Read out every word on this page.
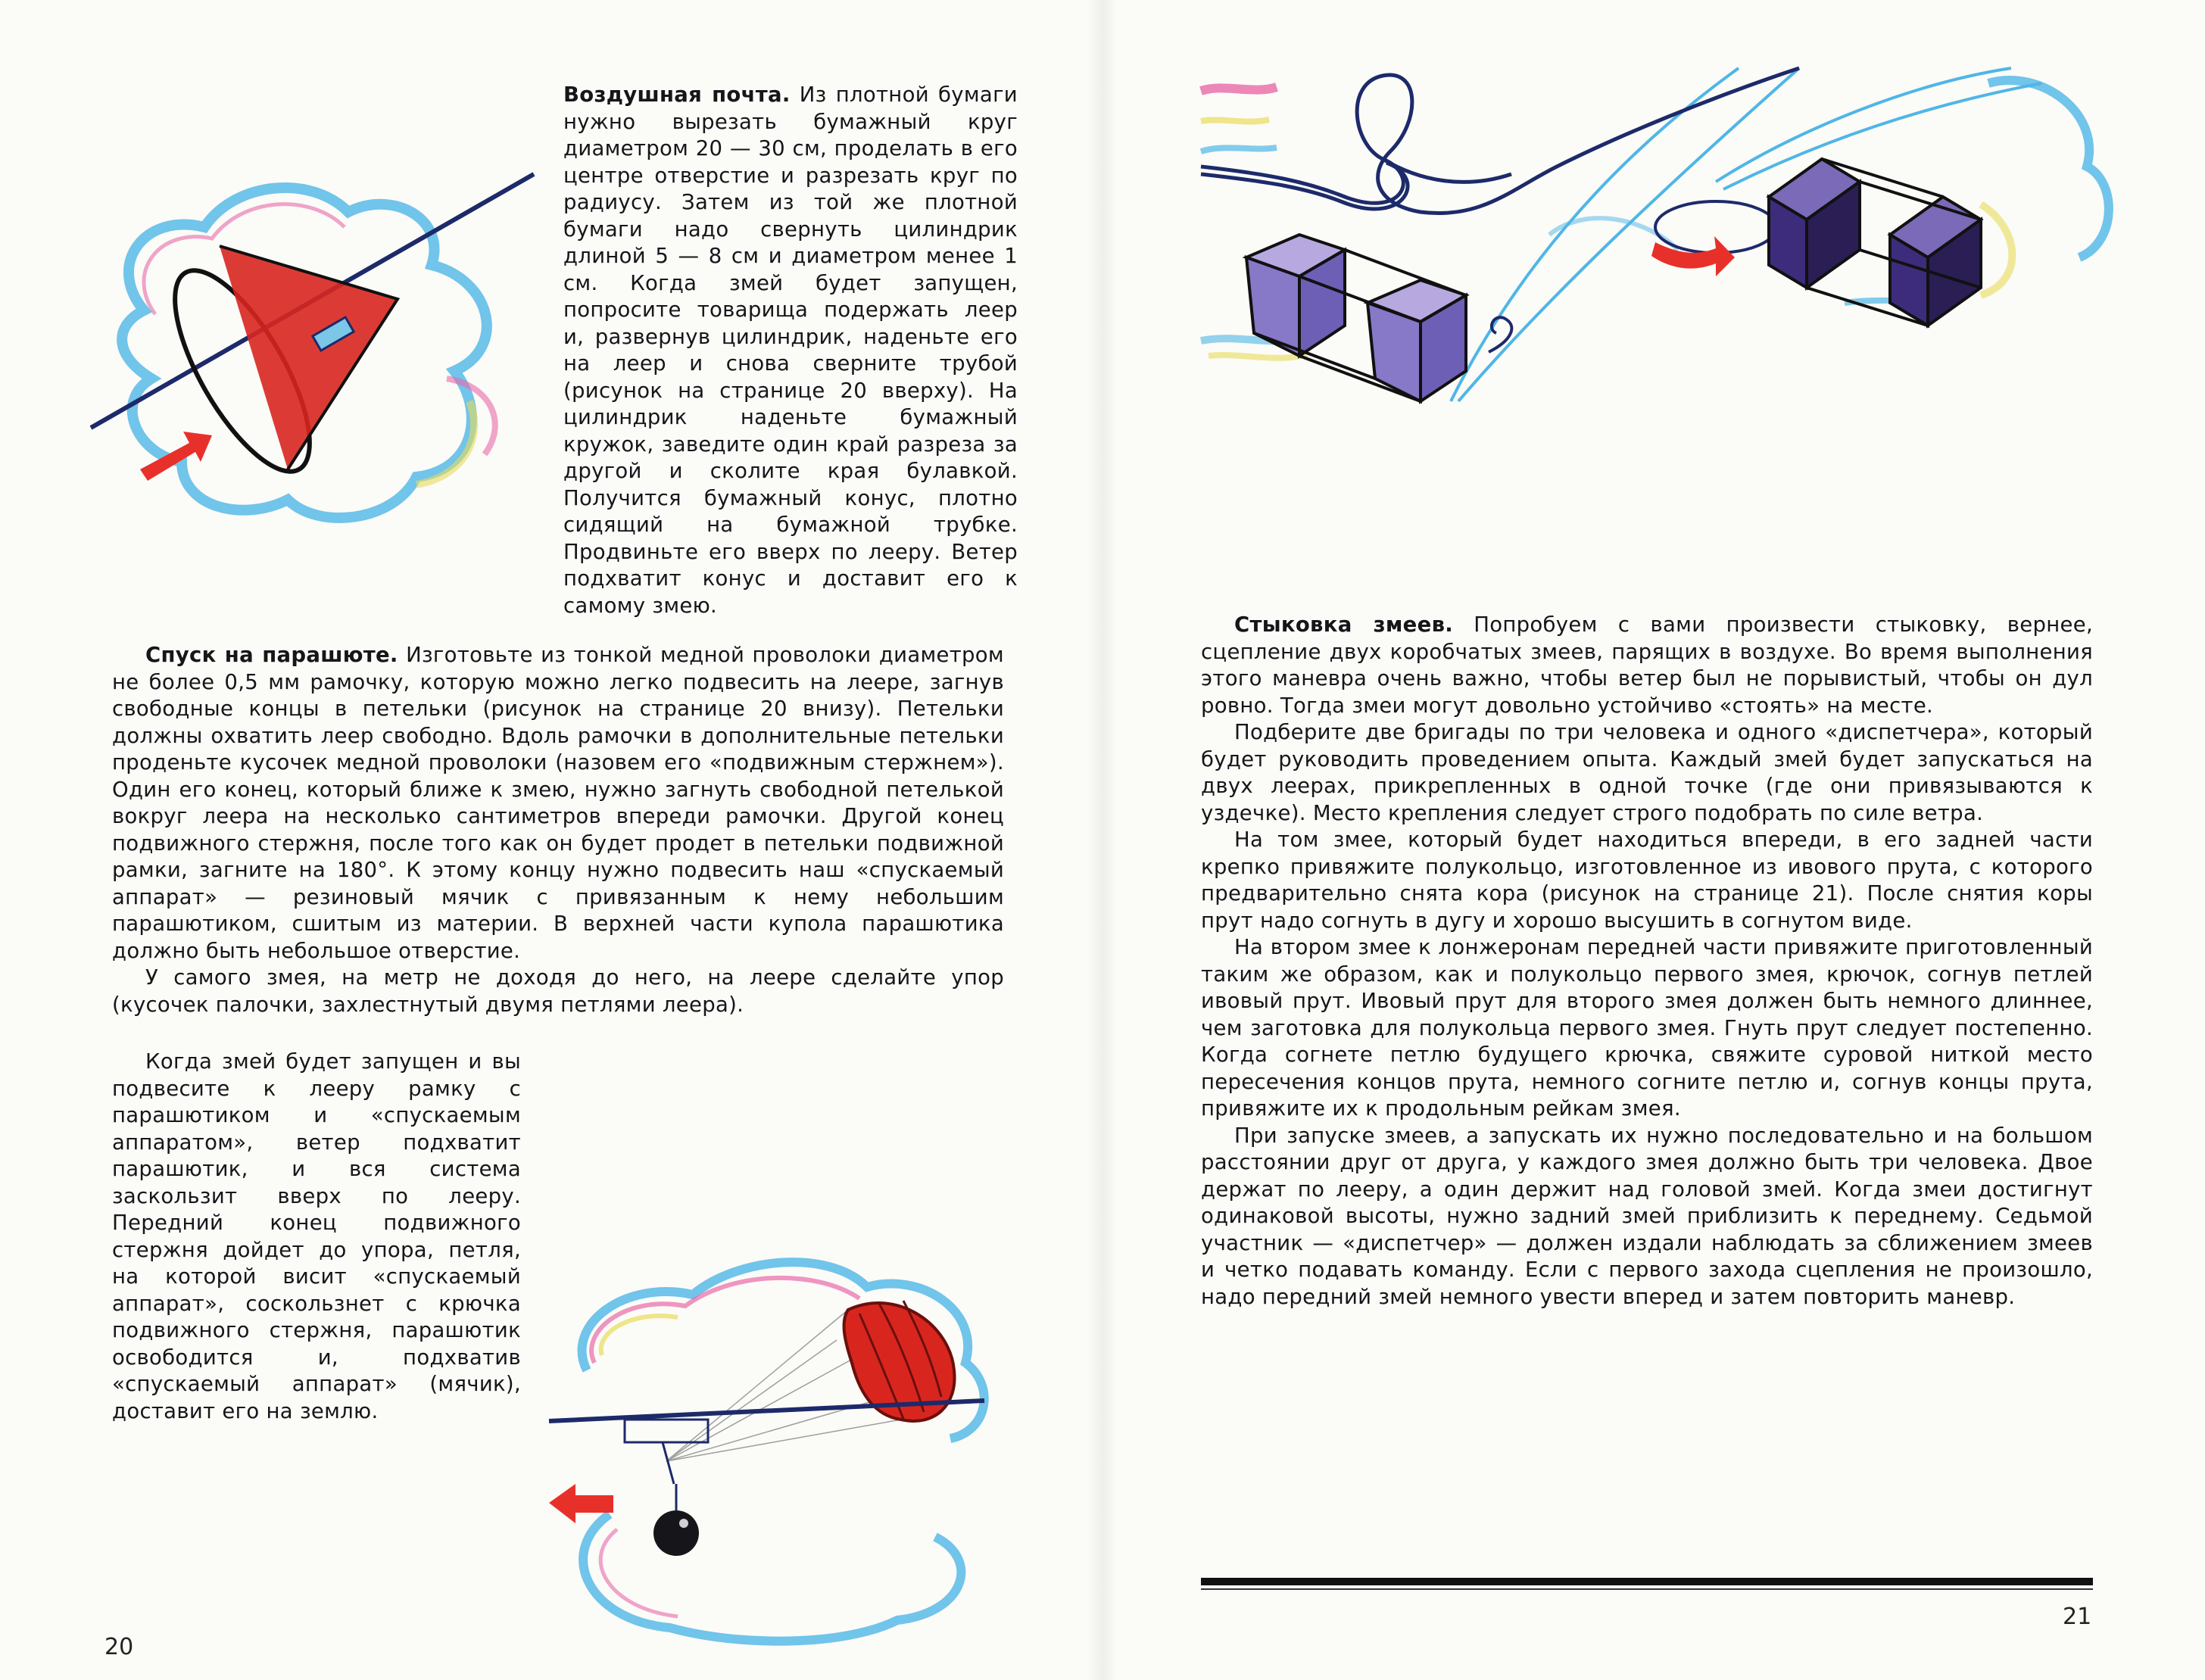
Воздушная почта. Из плотной бумаги нужно вырезать бумажный круг диаметром 20 — 30 см, проделать в его центре отверстие и разрезать круг по радиусу. Затем из той же плотной бумаги надо свернуть цилиндрик длиной 5 — 8 см и диаметром менее 1 см. Когда змей будет запущен, попросите товарища подержать леер и, развернув цилиндрик, наденьте его на леер и снова сверните трубой (рисунок на странице 20 вверху). На цилиндрик наденьте бумажный кружок, заведите один край разреза за другой и сколите края булавкой. Получится бумажный конус, плотно сидящий на бумажной трубке. Продвиньте его вверх по лееру. Ветер подхватит конус и доставит его к самому змею.

Спуск на парашюте. Изготовьте из тонкой медной проволоки диаметром не более 0,5 мм рамочку, которую можно легко подвесить на леере, загнув свободные концы в петельки (рисунок на странице 20 внизу). Петельки должны охватить леер свободно. Вдоль рамочки в дополнительные петельки проденьте кусочек медной проволоки (назовем его «подвижным стержнем»). Один его конец, который ближе к змею, нужно загнуть свободной петелькой вокруг леера на несколько сантиметров впереди рамочки. Другой конец подвижного стержня, после того как он будет продет в петельки подвижной рамки, загните на 180°. К этому концу нужно подвесить наш «спускаемый аппарат» — резиновый мячик с привязанным к нему небольшим парашютиком, сшитым из материи. В верхней части купола парашютика должно быть небольшое отверстие.

У самого змея, на метр не доходя до него, на леере сделайте упор (кусочек палочки, захлестнутый двумя петлями леера).

Когда змей будет запущен и вы подвесите к лееру рамку с парашютиком и «спускаемым аппаратом», ветер подхватит парашютик, и вся система заскользит вверх по лееру. Передний конец подвижного стержня дойдет до упора, петля, на которой висит «спускаемый аппарат», соскользнет с крючка подвижного стержня, парашютик освободится и, подхватив «спускаемый аппарат» (мячик), доставит его на землю.

20

Стыковка змеев. Попробуем с вами произвести стыковку, вернее, сцепление двух коробчатых змеев, парящих в воздухе. Во время выполнения этого маневра очень важно, чтобы ветер был не порывистый, чтобы он дул ровно. Тогда змеи могут довольно устойчиво «стоять» на месте.

Подберите две бригады по три человека и одного «диспетчера», который будет руководить проведением опыта. Каждый змей будет запускаться на двух леерах, прикрепленных в одной точке (где они привязываются к уздечке). Место крепления следует строго подобрать по силе ветра.

На том змее, который будет находиться впереди, в его задней части крепко привяжите полукольцо, изготовленное из ивового прута, с которого предварительно снята кора (рисунок на странице 21). После снятия коры прут надо согнуть в дугу и хорошо высушить в согнутом виде.

На втором змее к лонжеронам передней части привяжите приготовленный таким же образом, как и полукольцо первого змея, крючок, согнув петлей ивовый прут. Ивовый прут для второго змея должен быть немного длиннее, чем заготовка для полукольца первого змея. Гнуть прут следует постепенно. Когда согнете петлю будущего крючка, свяжите суровой ниткой место пересечения концов прута, немного согните петлю и, согнув концы прута, привяжите их к продольным рейкам змея.

При запуске змеев, а запускать их нужно последовательно и на большом расстоянии друг от друга, у каждого змея должно быть три человека. Двое держат по лееру, а один держит над головой змей. Когда змеи достигнут одинаковой высоты, нужно задний змей приблизить к переднему. Седьмой участник — «диспетчер» — должен издали наблюдать за сближением змеев и четко подавать команду. Если с первого захода сцепления не произошло, надо передний змей немного увести вперед и затем повторить маневр.

21
